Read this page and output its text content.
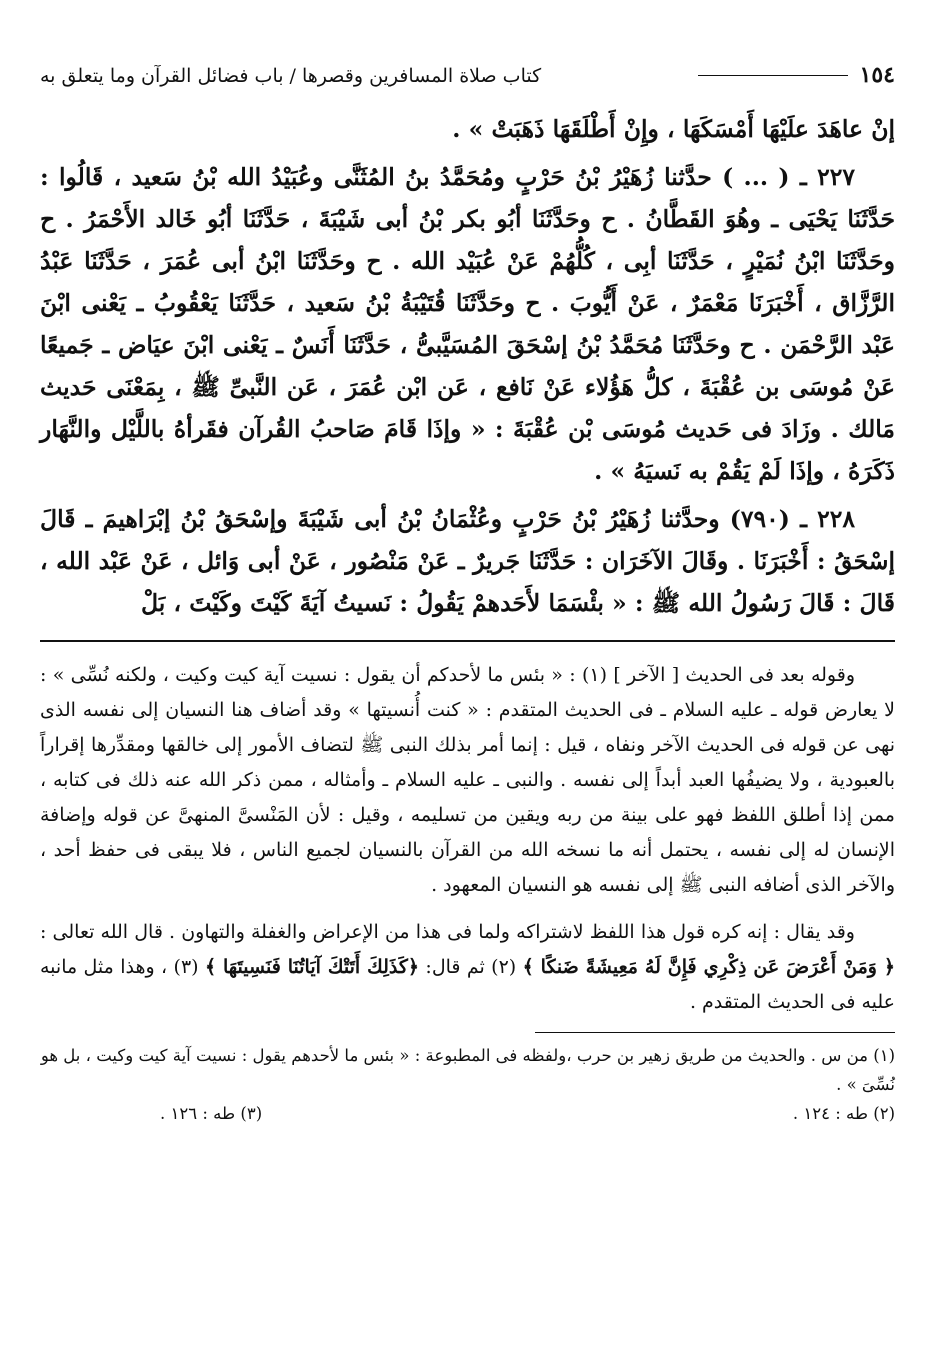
١٥٤
كتاب صلاة المسافرين وقصرها / باب فضائل القرآن وما يتعلق به

إنْ عاهَدَ علَيْهَا أَمْسَكَهَا ، وإِنْ أَطْلَقَهَا ذَهَبَتْ » .

٢٢٧ ـ ( ... ) حدَّثنا زُهَيْرُ بْنُ حَرْبٍ ومُحَمَّدُ بنُ المُثَنَّى وعُبَيْدُ الله بْنُ سَعيد ، قَالُوا : حَدَّثَنَا يَحْيَى ـ وهُوَ القَطَّانُ . ح وحَدَّثَنَا أبُو بكر بْنُ أبى شَيْبَةَ ، حَدَّثَنَا أبُو خَالد الأَحْمَرُ . ح وحَدَّثَنَا ابْنُ نُمَيْرٍ ، حَدَّثَنَا أبِى ، كُلُّهُمْ عَنْ عُبَيْد الله . ح وحَدَّثَنَا ابْنُ أبى عُمَرَ ، حَدَّثَنَا عَبْدُ الرَّزَّاق ، أَخْبَرَنَا مَعْمَرٌ ، عَنْ أَيُّوبَ . ح وحَدَّثَنَا قُتَيْبَةُ بْنُ سَعيد ، حَدَّثَنَا يَعْقُوبُ ـ يَعْنى ابْنَ عَبْد الرَّحْمَن . ح وحَدَّثَنَا مُحَمَّدُ بْنُ إسْحَقَ المُسَيَّبىُّ ، حَدَّثَنَا أَنَسٌ ـ يَعْنى ابْنَ عيَاض ـ جَميعًا عَنْ مُوسَى بن عُقْبَةَ ، كلُّ هَؤُلاء عَنْ نَافع ، عَن ابْن عُمَرَ ، عَن النَّبىِّ ﷺ ، بِمَعْنَى حَديث مَالك . وزَادَ فى حَديث مُوسَى بْن عُقْبَةَ : « وإذَا قَامَ صَاحبُ القُرآن فقَرأهُ باللَّيْل والنَّهَار ذَكَرَهُ ، وإذَا لَمْ يَقُمْ به نَسيَهُ » .

٢٢٨ ـ (٧٩٠) وحدَّثنا زُهَيْرُ بْنُ حَرْبٍ وعُثْمَانُ بْنُ أبى شَيْبَةَ وإسْحَقُ بْنُ إبْرَاهيمَ ـ قَالَ إسْحَقُ : أَخْبَرَنَا . وقَالَ الآخَرَان : حَدَّثَنَا جَريرٌ ـ عَنْ مَنْصُور ، عَنْ أبى وَائل ، عَنْ عَبْد الله ، قَالَ : قَالَ رَسُولُ الله ﷺ : « بئْسَمَا لأَحَدهمْ يَقُولُ : نَسيتُ آيَةَ كَيْتَ وكَيْتَ ، بَلْ

وقوله بعد فى الحديث [ الآخر ] (١) : « بئس ما لأحدكم أن يقول : نسيت آية كيت وكيت ، ولكنه نُسِّى » : لا يعارض قوله ـ عليه السلام ـ فى الحديث المتقدم : « كنت أُنسيتها » وقد أضاف هنا النسيان إلى نفسه الذى نهى عن قوله فى الحديث الآخر ونفاه ، قيل : إنما أمر بذلك النبى ﷺ لتضاف الأمور إلى خالقها ومقدِّرها إقراراً بالعبودية ، ولا يضيفُها العبد أبداً إلى نفسه . والنبى ـ عليه السلام ـ وأمثاله ، ممن ذكر الله عنه ذلك فى كتابه ، ممن إذا أطلق اللفظ فهو على بينة من ربه ويقين من تسليمه ، وقيل : لأن المَنْسىَّ المنهىَّ عن قوله وإضافة الإنسان له إلى نفسه ، يحتمل أنه ما نسخه الله من القرآن بالنسيان لجميع الناس ، فلا يبقى فى حفظ أحد ، والآخر الذى أضافه النبى ﷺ إلى نفسه هو النسيان المعهود .

وقد يقال : إنه كره قول هذا اللفظ لاشتراكه ولما فى هذا من الإعراض والغفلة والتهاون . قال الله تعالى : ﴿ وَمَنْ أَعْرَضَ عَن ذِكْرِي فَإِنَّ لَهُ مَعِيشَةً ضَنكًا ﴾ (٢) ثم قال: ﴿كَذَلِكَ أَتَتْكَ آيَاتُنَا فَنَسِيتَهَا ﴾ (٣) ، وهذا مثل مانبه عليه فى الحديث المتقدم .

(١) من س . والحديث من طريق زهير بن حرب ،ولفظه فى المطبوعة : « بئس ما لأحدهم يقول : نسيت آية كيت وكيت ، بل هو نُسِّىَ » .

(٢) طه : ١٢٤ .
(٣) طه : ١٢٦ .
